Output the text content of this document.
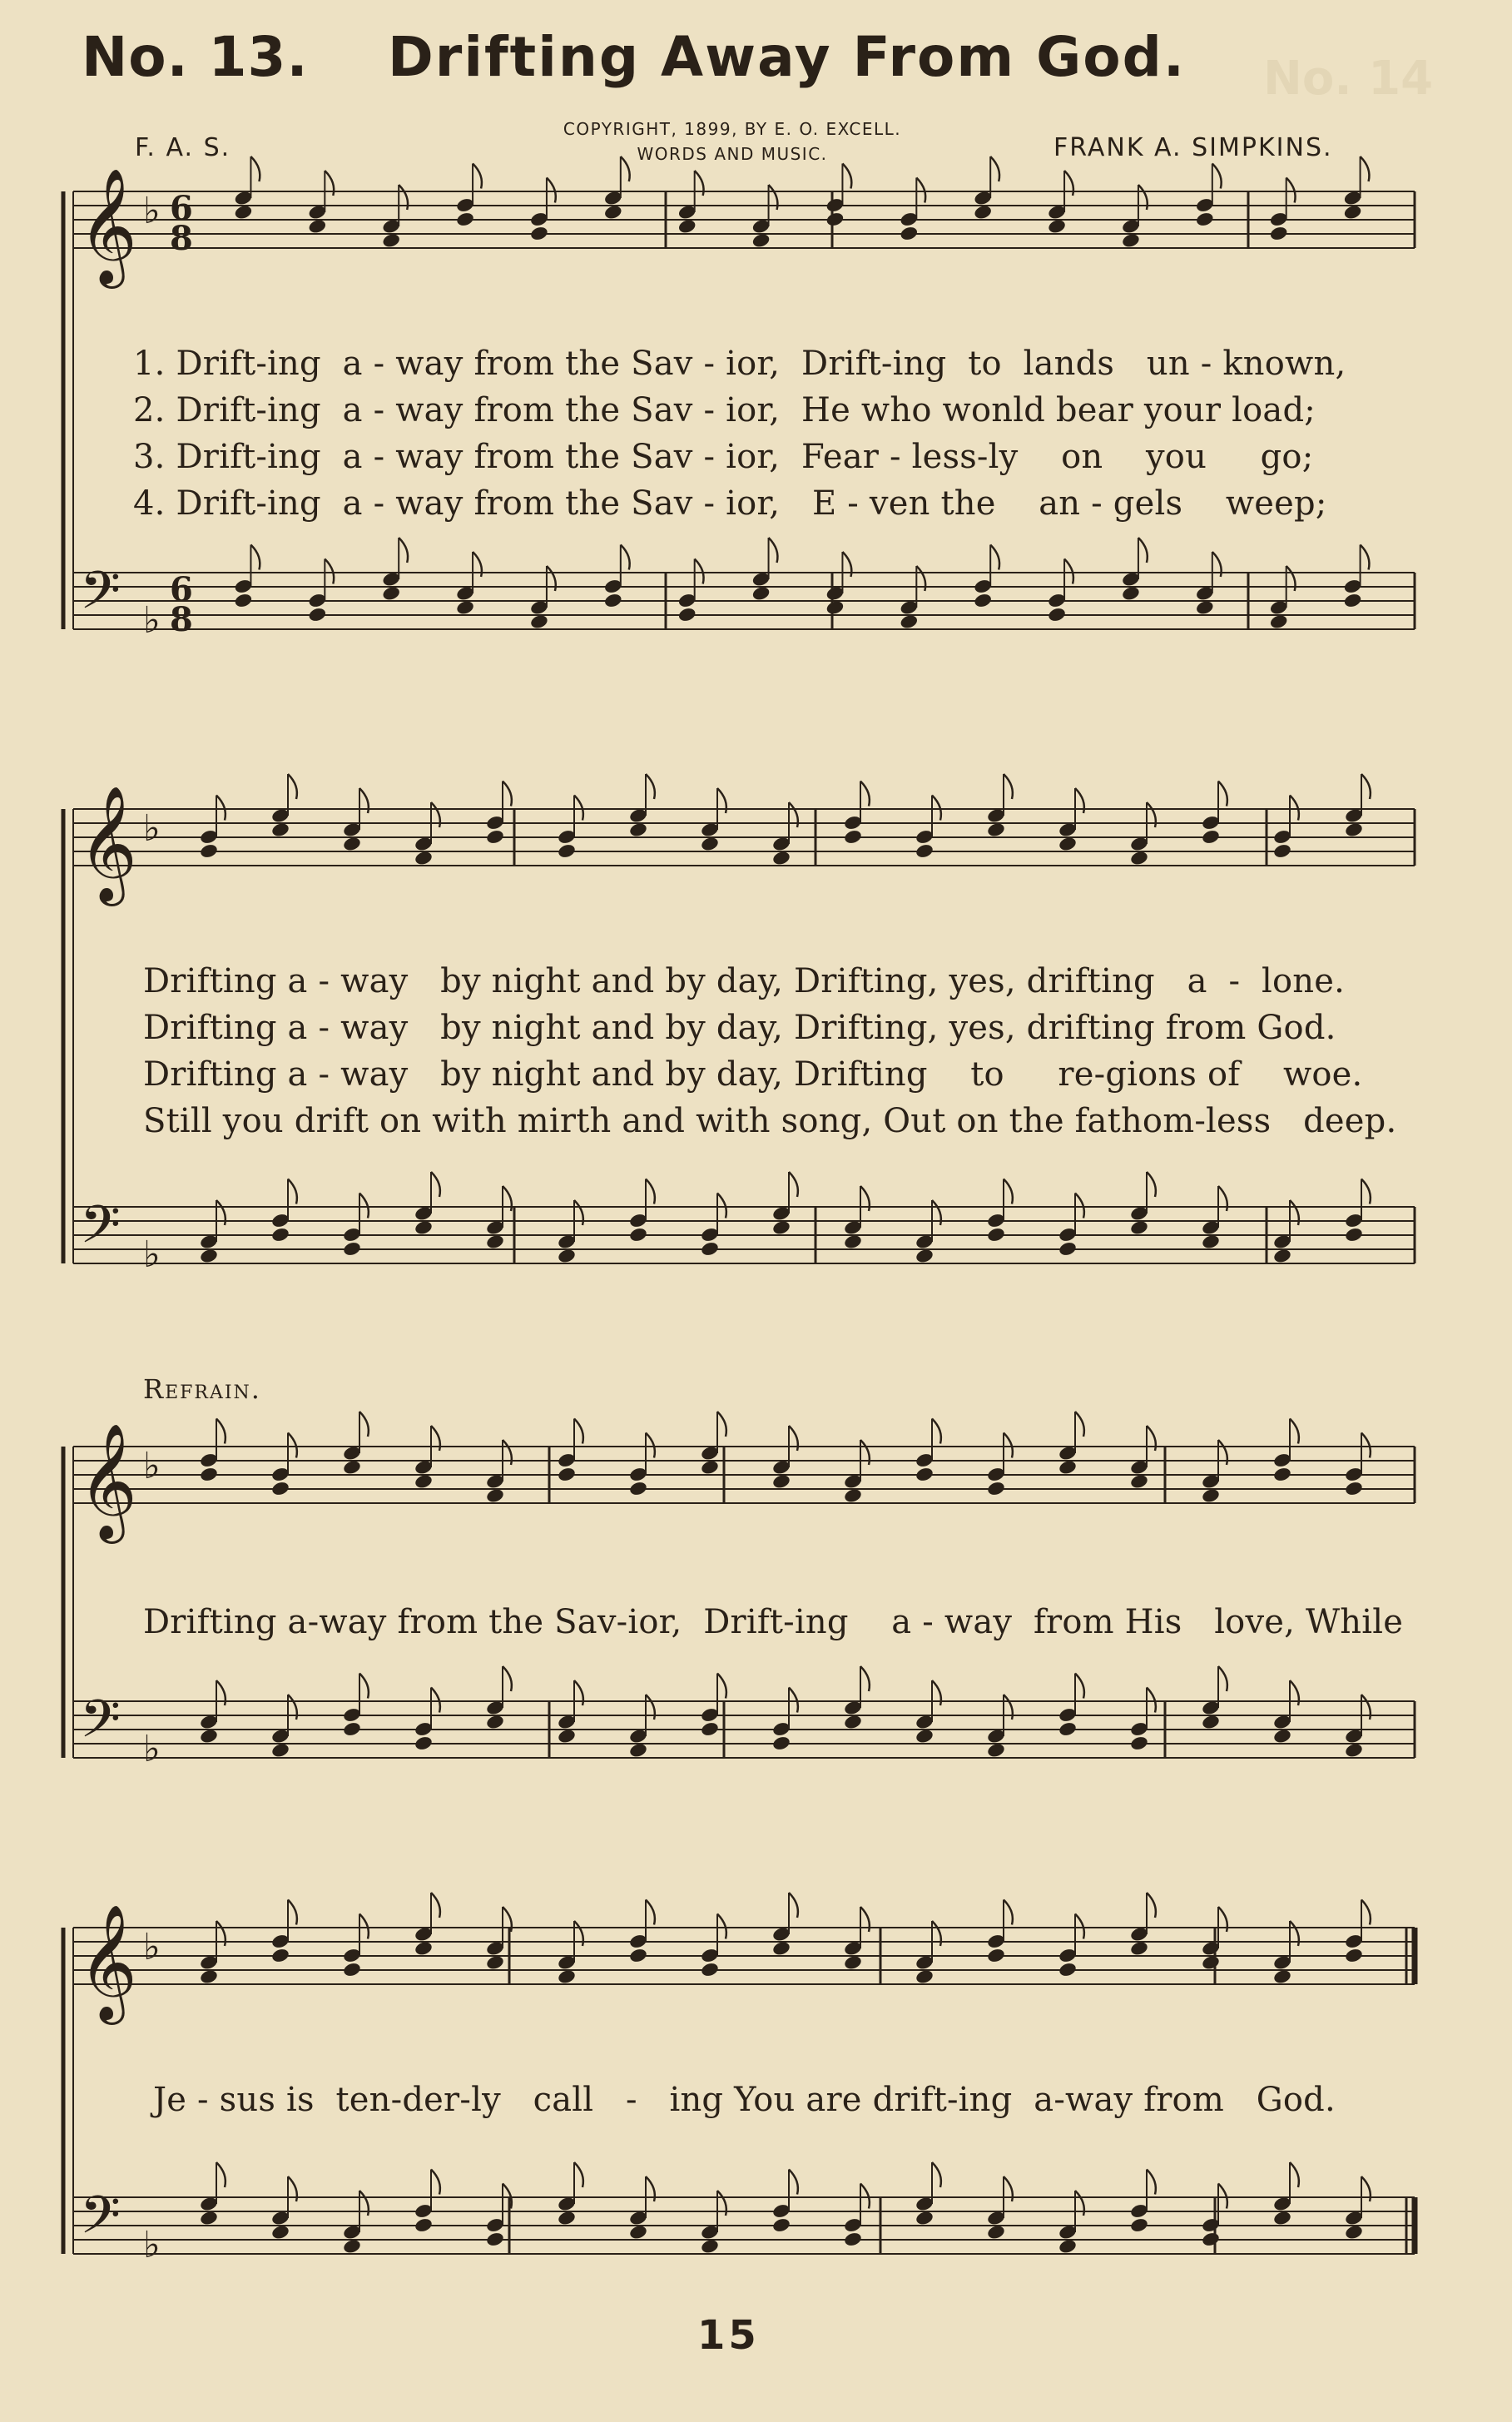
No. 13. Drifting Away From God. No. 14
F. A. S.
COPYRIGHT, 1899, BY E. O. EXCELL.
WORDS AND MUSIC.	FRANK A. SIMPKINS.
𝄞
𝄢
♭
♭
6
8
6
8
𝄞
𝄢
♭
♭
𝄞
𝄢
♭
♭
𝄞
𝄢
♭
♭
1. Drift-ing  a - way from the Sav - ior,  Drift-ing  to  lands   un - known,
2. Drift-ing  a - way from the Sav - ior,  He who wonld bear your load;
3. Drift-ing  a - way from the Sav - ior,  Fear - less-ly    on    you     go;
4. Drift-ing  a - way from the Sav - ior,   E - ven the    an - gels    weep;
Drifting a - way   by night and by day, Drifting, yes, drifting   a  -  lone.
Drifting a - way   by night and by day, Drifting, yes, drifting from God.
Drifting a - way   by night and by day, Drifting    to     re-gions of    woe.
Still you drift on with mirth and with song, Out on the fathom-less   deep.
Refrain.
Drifting a-way from the Sav-ior,  Drift-ing    a - way  from His   love, While
Je - sus is  ten-der-ly   call   -   ing You are drift-ing  a-way from   God.
15
